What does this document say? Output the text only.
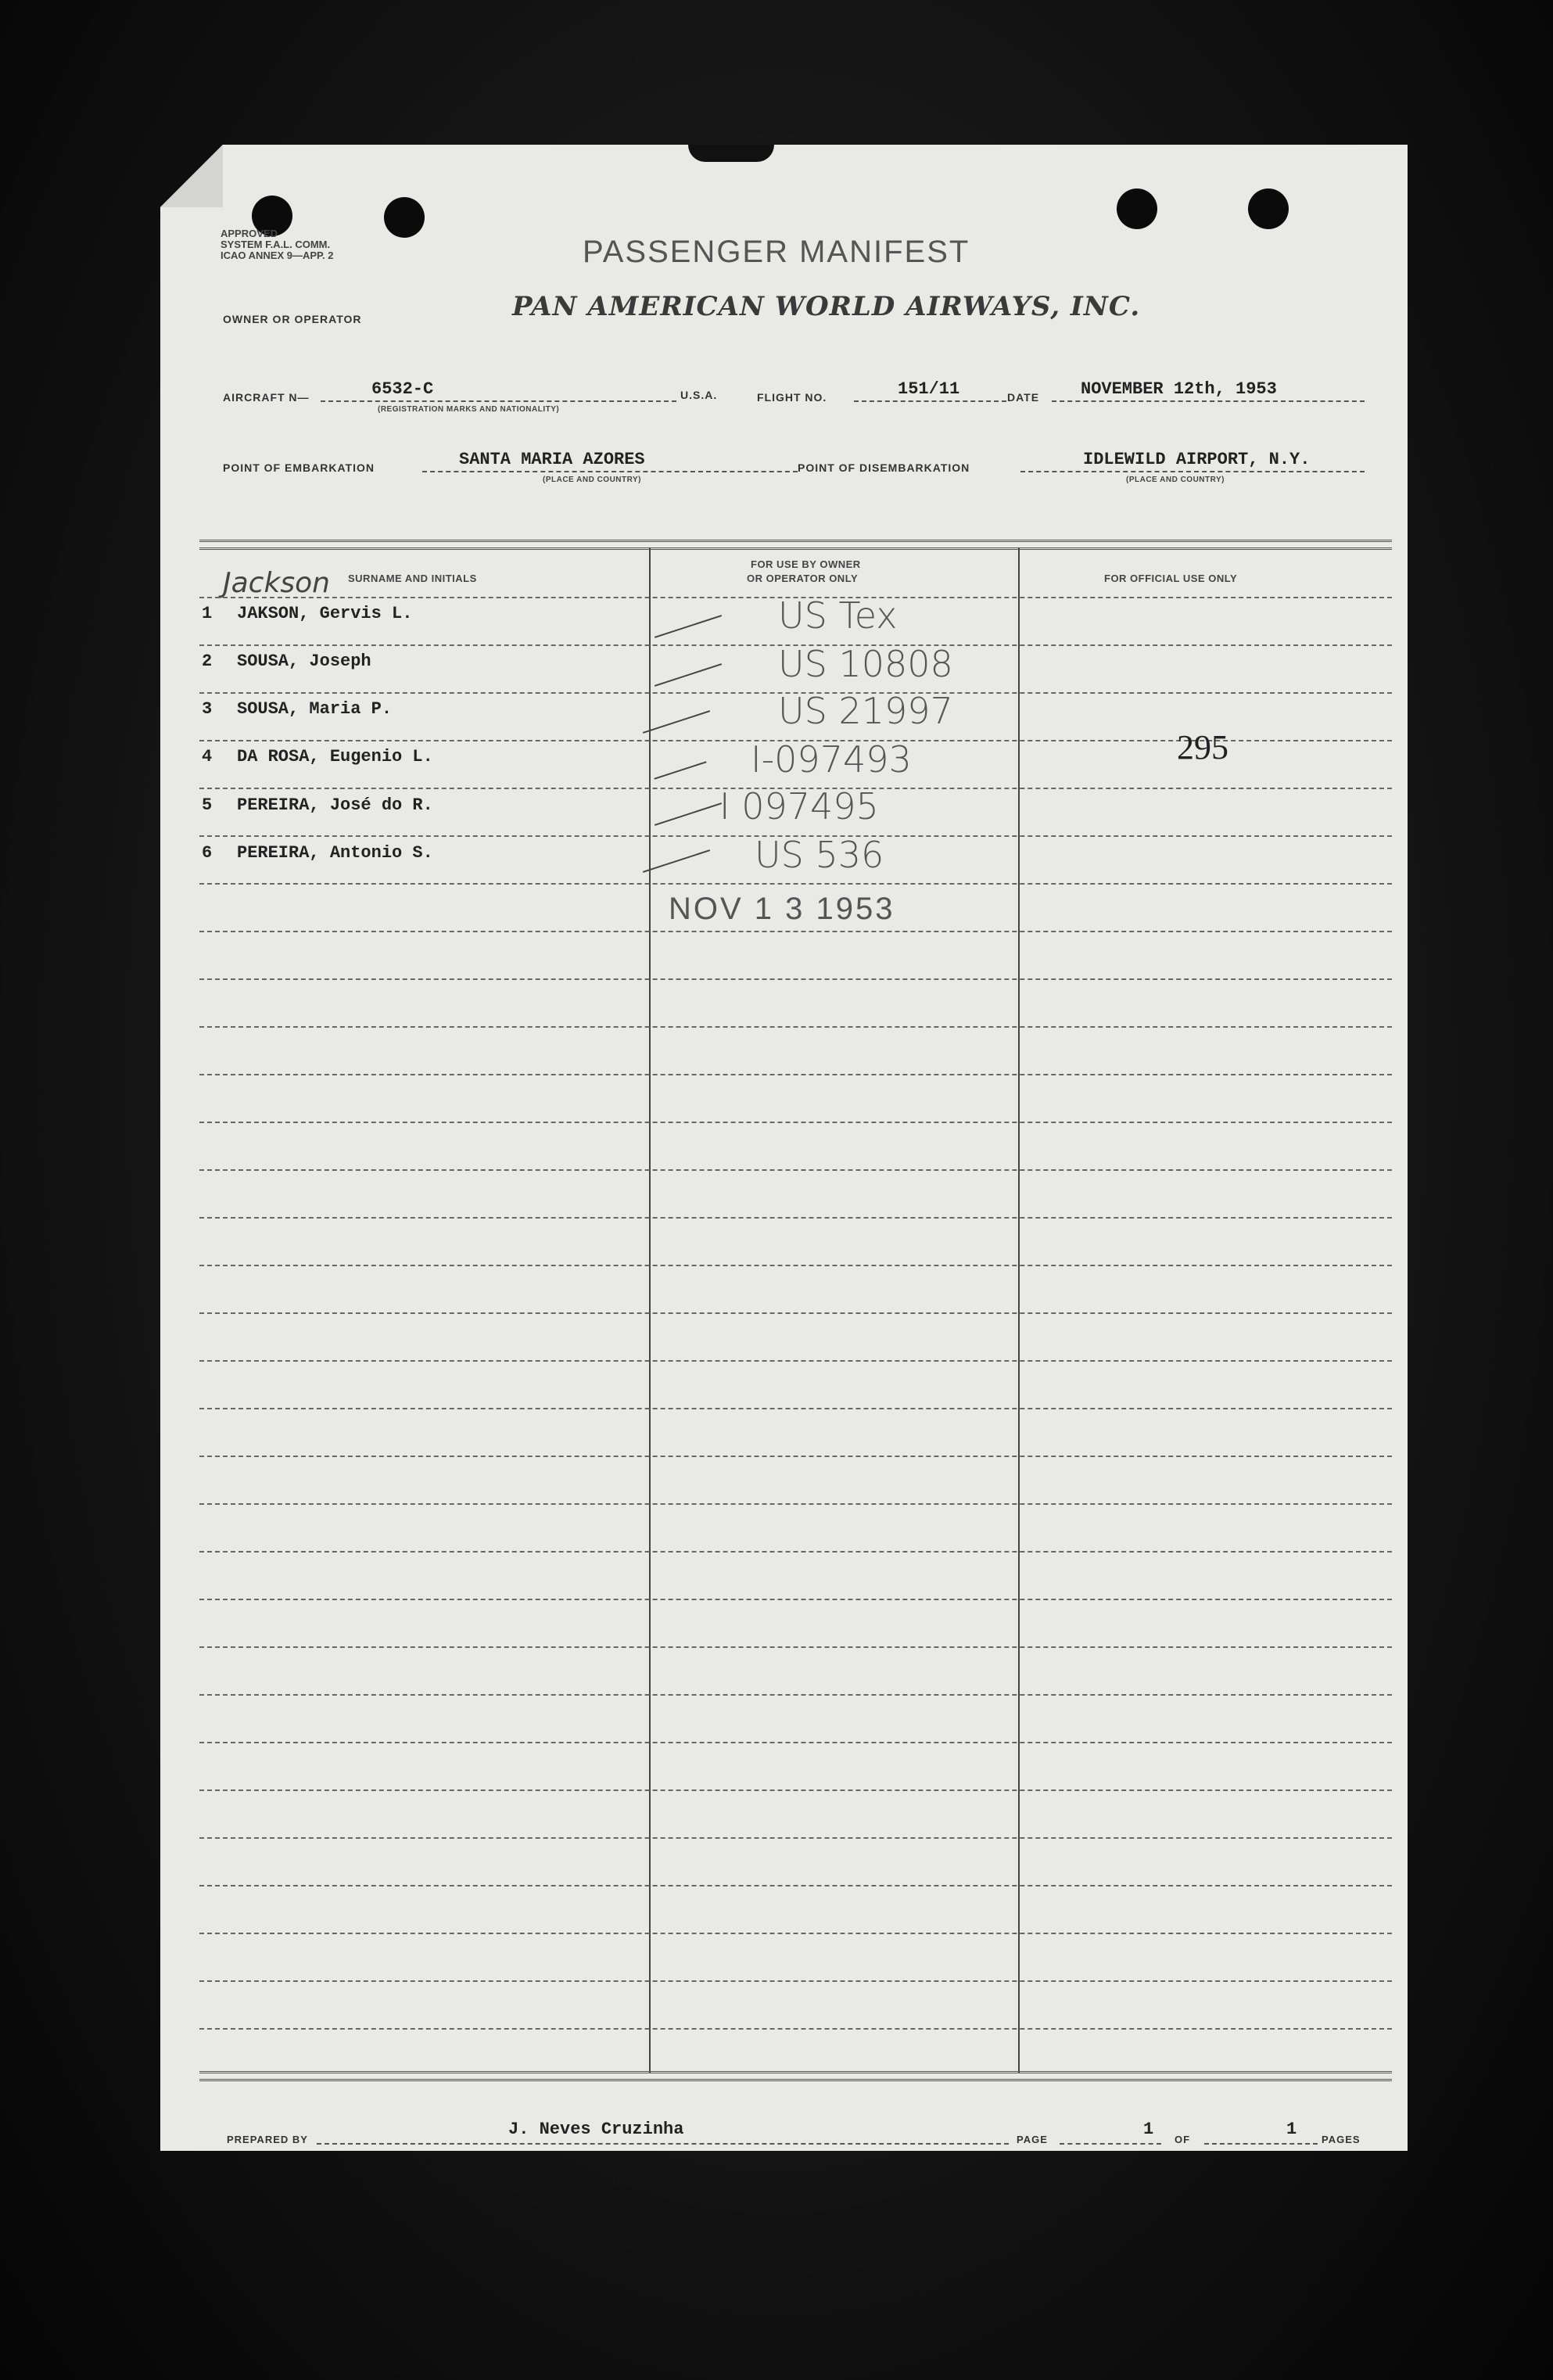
APPROVED
SYSTEM F.A.L. COMM.
ICAO ANNEX 9—APP. 2	PASSENGER MANIFEST
OWNER OR OPERATOR	PAN AMERICAN WORLD AIRWAYS, INC.
AIRCRAFT N—	6532-C
(REGISTRATION MARKS AND NATIONALITY)
U.S.A.	FLIGHT NO.	151/11	DATE NOVEMBER 12th, 1953
POINT OF EMBARKATION	SANTA MARIA AZORES
(PLACE AND COUNTRY)
POINT OF DISEMBARKATION	IDLEWILD AIRPORT, N.Y.
(PLACE AND COUNTRY)
SURNAME AND INITIALS
FOR USE BY OWNER
OR OPERATOR ONLY	FOR OFFICIAL USE ONLY
Jackson
1 JAKSON, Gervis L.	US Tex
2 SOUSA, Joseph	US 10808
3 SOUSA, Maria P.	US 21997
4 DA ROSA, Eugenio L.	I-097493	295
5 PEREIRA, José do R.	I 097495
6 PEREIRA, Antonio S.	US 536
NOV 1 3 1953
PREPARED BY
J. Neves Cruzinha
PAGE
1
OF
1
PAGES
